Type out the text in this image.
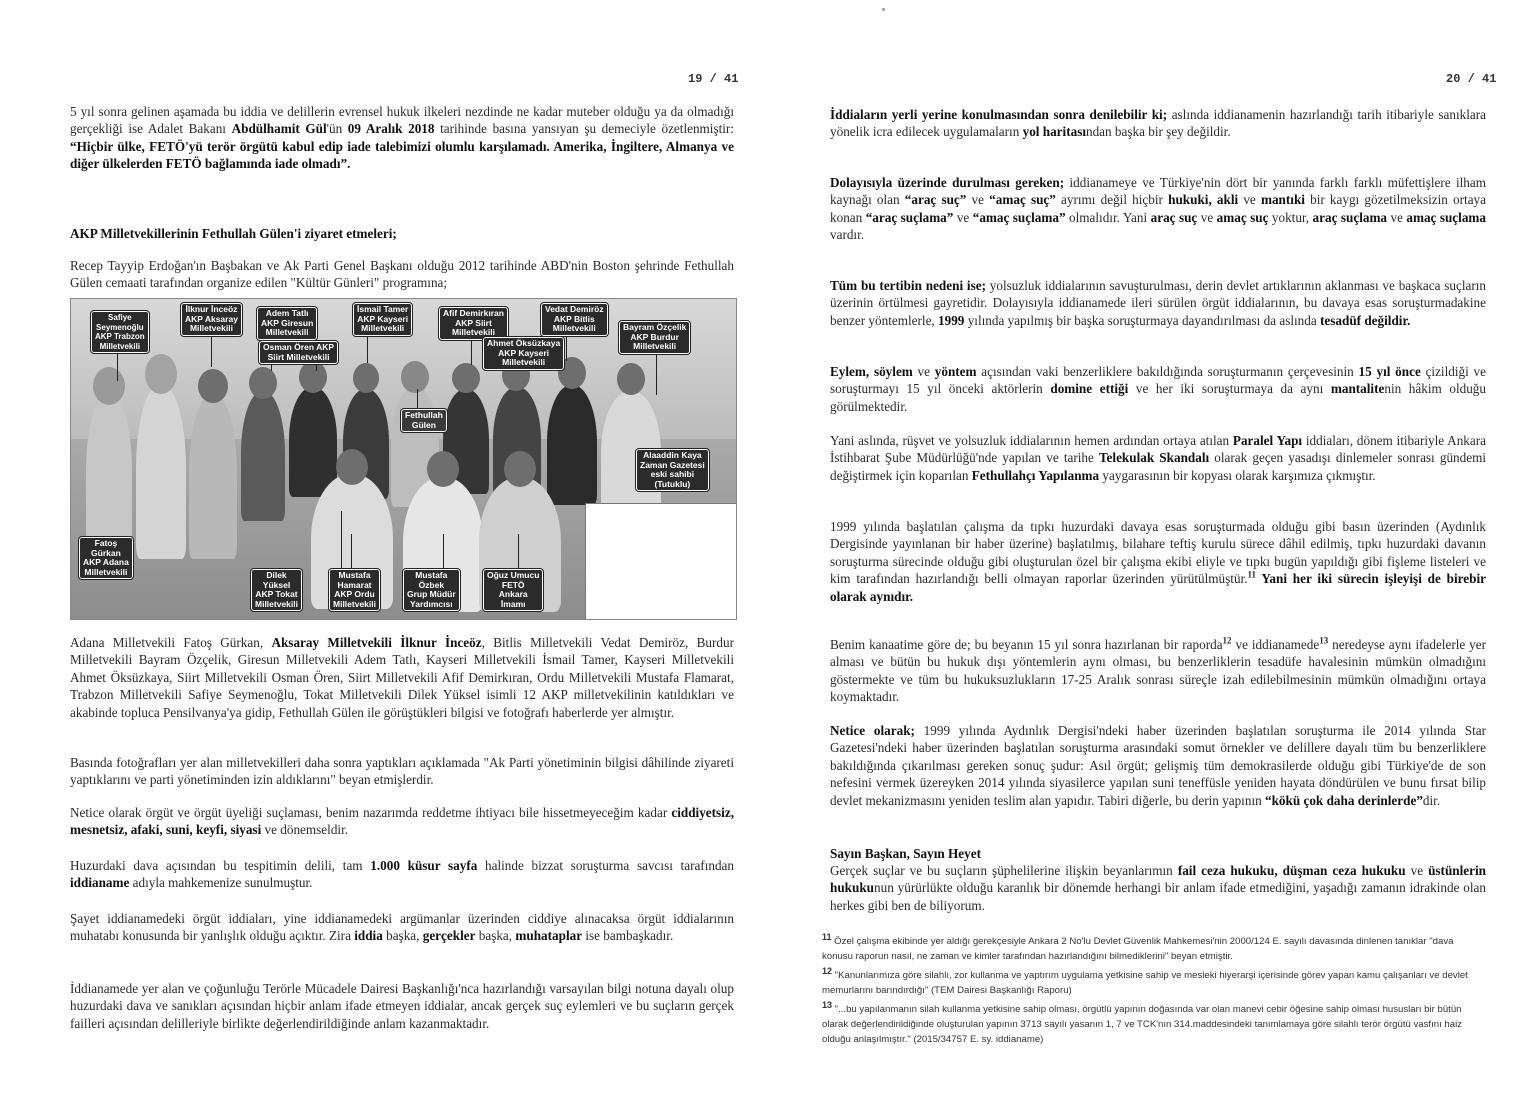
19 / 41

5 yıl sonra gelinen aşamada bu iddia ve delillerin evrensel hukuk ilkeleri nezdinde ne kadar muteber olduğu ya da olmadığı gerçekliği ise Adalet Bakanı Abdülhamit Gül'ün 09 Aralık 2018 tarihinde basına yansıyan şu demeciyle özetlenmiştir: “Hiçbir ülke, FETÖ'yü terör örgütü kabul edip iade talebimizi olumlu karşılamadı. Amerika, İngiltere, Almanya ve diğer ülkelerden FETÖ bağlamında iade olmadı”.

AKP Milletvekillerinin Fethullah Gülen'i ziyaret etmeleri;

Recep Tayyip Erdoğan'ın Başbakan ve Ak Parti Genel Başkanı olduğu 2012 tarihinde ABD'nin Boston şehrinde Fethullah Gülen cemaati tarafından organize edilen "Kültür Günleri" programına;

Safiye
Seymenoğlu
AKP Trabzon
Milletvekili
İlknur İnceöz
AKP Aksaray
Milletvekili
Adem Tatlı
AKP Giresun
Milletvekili
İsmail Tamer
AKP Kayseri
Milletvekili
Osman Ören AKP
Siirt Milletvekili
Afif Demirkıran
AKP Siirt
Milletvekili
Vedat Demiröz
AKP Bitlis
Milletvekili
Ahmet Öksüzkaya
AKP Kayseri
Milletvekili
Bayram Özçelik
AKP Burdur
Milletvekili
Fethullah
Gülen
Alaaddin Kaya
Zaman Gazetesi
eski sahibi
(Tutuklu)
Fatoş
Gürkan
AKP Adana
Milletvekili	Dilek
Yüksel
AKP Tokat
Milletvekili
Mustafa
Hamarat
AKP Ordu
Milletvekili
Mustafa
Özbek
Grup Müdür
Yardımcısı
Oğuz Umucu
FETÖ
Ankara
İmamı

Adana Milletvekili Fatoş Gürkan, Aksaray Milletvekili İlknur İnceöz, Bitlis Milletvekili Vedat Demiröz, Burdur Milletvekili Bayram Özçelik, Giresun Milletvekili Adem Tatlı, Kayseri Milletvekili İsmail Tamer, Kayseri Milletvekili Ahmet Öksüzkaya, Siirt Milletvekili Osman Ören, Siirt Milletvekili Afif Demirkıran, Ordu Milletvekili Mustafa Flamarat, Trabzon Milletvekili Safiye Seymenoğlu, Tokat Milletvekili Dilek Yüksel isimli 12 AKP milletvekilinin katıldıkları ve akabinde topluca Pensilvanya'ya gidip, Fethullah Gülen ile görüştükleri bilgisi ve fotoğrafı haberlerde yer almıştır.

Basında fotoğrafları yer alan milletvekilleri daha sonra yaptıkları açıklamada "Ak Parti yönetiminin bilgisi dâhilinde ziyareti yaptıklarını ve parti yönetiminden izin aldıklarını" beyan etmişlerdir.

Netice olarak örgüt ve örgüt üyeliği suçlaması, benim nazarımda reddetme ihtiyacı bile hissetmeyeceğim kadar ciddiyetsiz, mesnetsiz, afaki, suni, keyfi, siyasi ve dönemseldir.

Huzurdaki dava açısından bu tespitimin delili, tam 1.000 küsur sayfa halinde bizzat soruşturma savcısı tarafından iddianame adıyla mahkemenize sunulmuştur.

Şayet iddianamedeki örgüt iddiaları, yine iddianamedeki argümanlar üzerinden ciddiye alınacaksa örgüt iddialarının muhatabı konusunda bir yanlışlık olduğu açıktır. Zira iddia başka, gerçekler başka, muhataplar ise bambaşkadır.

İddianamede yer alan ve çoğunluğu Terörle Mücadele Dairesi Başkanlığı'nca hazırlandığı varsayılan bilgi notuna dayalı olup huzurdaki dava ve sanıkları açısından hiçbir anlam ifade etmeyen iddialar, ancak gerçek suç eylemleri ve bu suçların gerçek failleri açısından delilleriyle birlikte değerlendirildiğinde anlam kazanmaktadır.

20 / 41

İddiaların yerli yerine konulmasından sonra denilebilir ki; aslında iddianamenin hazırlandığı tarih itibariyle sanıklara yönelik icra edilecek uygulamaların yol haritasından başka bir şey değildir.

Dolayısıyla üzerinde durulması gereken; iddianameye ve Türkiye'nin dört bir yanında farklı farklı müfettişlere ilham kaynağı olan “araç suç” ve “amaç suç” ayrımı değil hiçbir hukuki, akli ve mantıki bir kaygı gözetilmeksizin ortaya konan “araç suçlama” ve “amaç suçlama” olmalıdır. Yani araç suç ve amaç suç yoktur, araç suçlama ve amaç suçlama vardır.

Tüm bu tertibin nedeni ise; yolsuzluk iddialarının savuşturulması, derin devlet artıklarının aklanması ve başkaca suçların üzerinin örtülmesi gayretidir. Dolayısıyla iddianamede ileri sürülen örgüt iddialarının, bu davaya esas soruşturmadakine benzer yöntemlerle, 1999 yılında yapılmış bir başka soruşturmaya dayandırılması da aslında tesadüf değildir.

Eylem, söylem ve yöntem açısından vaki benzerliklere bakıldığında soruşturmanın çerçevesinin 15 yıl önce çizildiği ve soruşturmayı 15 yıl önceki aktörlerin domine ettiği ve her iki soruşturmaya da aynı mantalitenin hâkim olduğu görülmektedir.

Yani aslında, rüşvet ve yolsuzluk iddialarının hemen ardından ortaya atılan Paralel Yapı iddiaları, dönem itibariyle Ankara İstihbarat Şube Müdürlüğü'nde yapılan ve tarihe Telekulak Skandalı olarak geçen yasadışı dinlemeler sonrası gündemi değiştirmek için koparılan Fethullahçı Yapılanma yaygarasının bir kopyası olarak karşımıza çıkmıştır.

1999 yılında başlatılan çalışma da tıpkı huzurdaki davaya esas soruşturmada olduğu gibi basın üzerinden (Aydınlık Dergisinde yayınlanan bir haber üzerine) başlatılmış, bilahare teftiş kurulu sürece dâhil edilmiş, tıpkı huzurdaki davanın soruşturma sürecinde olduğu gibi oluşturulan özel bir çalışma ekibi eliyle ve tıpkı bugün yapıldığı gibi fişleme listeleri ve kim tarafından hazırlandığı belli olmayan raporlar üzerinden yürütülmüştür.$^{11}$ Yani her iki sürecin işleyişi de birebir olarak aynıdır.

Benim kanaatime göre de; bu beyanın 15 yıl sonra hazırlanan bir raporda$^{12}$ ve iddianamede$^{13}$ neredeyse aynı ifadelerle yer alması ve bütün bu hukuk dışı yöntemlerin aynı olması, bu benzerliklerin tesadüfe havalesinin mümkün olmadığını göstermekte ve tüm bu hukuksuzlukların 17-25 Aralık sonrası süreçle izah edilebilmesinin mümkün olmadığını ortaya koymaktadır.

Netice olarak; 1999 yılında Aydınlık Dergisi'ndeki haber üzerinden başlatılan soruşturma ile 2014 yılında Star Gazetesi'ndeki haber üzerinden başlatılan soruşturma arasındaki somut örnekler ve delillere dayalı tüm bu benzerliklere bakıldığında çıkarılması gereken sonuç şudur: Asıl örgüt; gelişmiş tüm demokrasilerde olduğu gibi Türkiye'de de son nefesini vermek üzereyken 2014 yılında siyasilerce yapılan suni teneffüsle yeniden hayata döndürülen ve bunu fırsat bilip devlet mekanizmasını yeniden teslim alan yapıdır. Tabiri diğerle, bu derin yapının “kökü çok daha derinlerde”dir.

Sayın Başkan, Sayın Heyet

Gerçek suçlar ve bu suçların şüphelilerine ilişkin beyanlarımın fail ceza hukuku, düşman ceza hukuku ve üstünlerin hukukunun yürürlükte olduğu karanlık bir dönemde herhangi bir anlam ifade etmediğini, yaşadığı zamanın idrakinde olan herkes gibi ben de biliyorum.

$^{11}$ Özel çalışma ekibinde yer aldığı gerekçesiyle Ankara 2 No'lu Devlet Güvenlik Mahkemesi'nin 2000/124 E. sayılı davasında dinlenen tanıklar "dava konusu raporun nasıl, ne zaman ve kimler tarafından hazırlandığını bilmediklerini" beyan etmiştir.
$^{12}$ "Kanunlarımıza göre silahlı, zor kullanma ve yaptırım uygulama yetkisine sahip ve mesleki hiyerarşi içerisinde görev yapan kamu çalışanları ve devlet memurlarını barındırdığı" (TEM Dairesi Başkanlığı Raporu)
$^{13}$ "...bu yapılanmanın silah kullanma yetkisine sahip olması, örgütlü yapının doğasında var olan manevi cebir öğesine sahip olması hususları bir bütün olarak değerlendirildiğinde oluşturulan yapının 3713 sayılı yasanın 1, 7 ve TCK'nın 314.maddesindeki tanımlamaya göre silahlı terör örgütü vasfını haiz olduğu anlaşılmıştır." (2015/34757 E. sy. iddianame)
